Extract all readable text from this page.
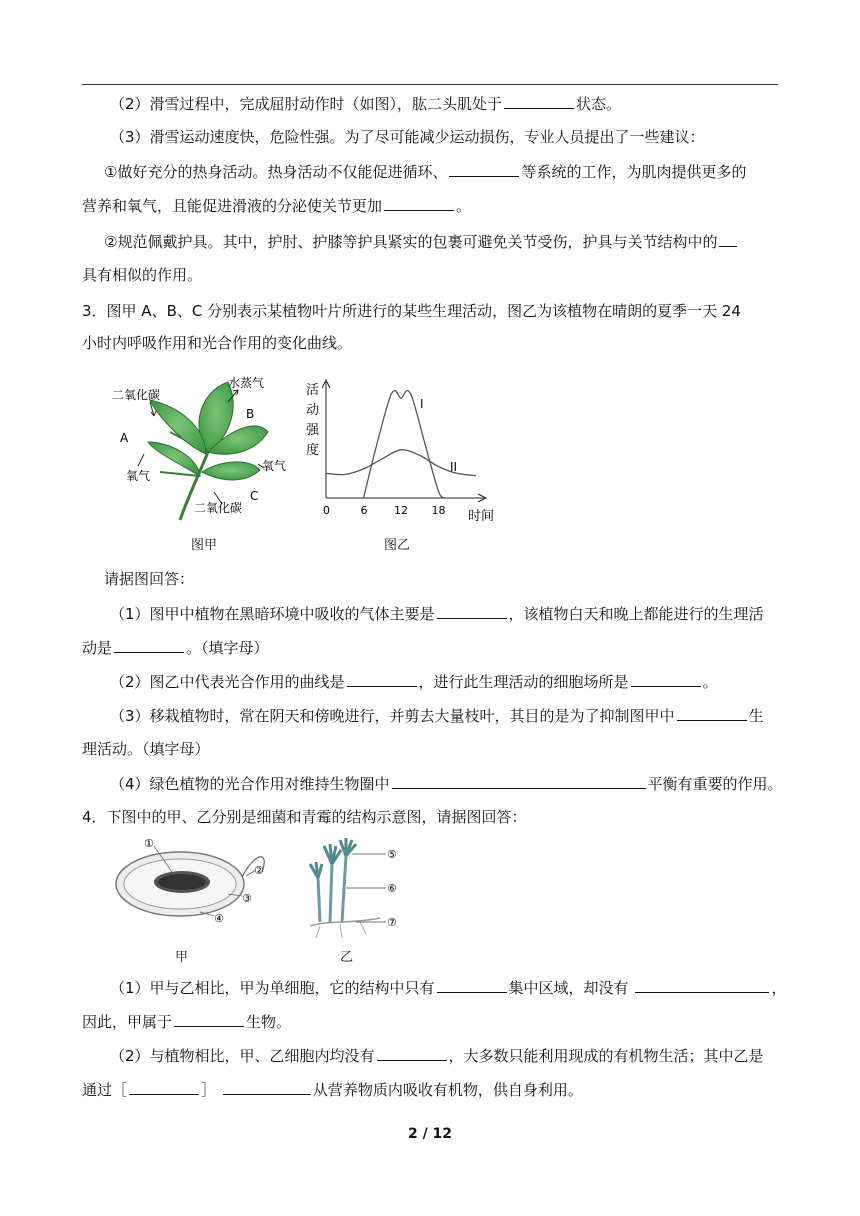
（2）滑雪过程中，完成屈肘动作时（如图），肱二头肌处于	状态。
（3）滑雪运动速度快，危险性强。为了尽可能减少运动损伤，专业人员提出了一些建议：
①做好充分的热身活动。热身活动不仅能促进循环、	等系统的工作，为肌肉提供更多的
营养和氧气，且能促进滑液的分泌使关节更加	。
②规范佩戴护具。其中，护肘、护膝等护具紧实的包裹可避免关节受伤，护具与关节结构中的
具有相似的作用。
3．图甲 A、B、C 分别表示某植物叶片所进行的某些生理活动，图乙为该植物在晴朗的夏季一天 24
小时内呼吸作用和光合作用的变化曲线。
二氧化碳
水蒸气
A
B
氧气
氧气
二氧化碳
C
图甲
活
动
强
度
0	6 12 18
I
II
时间
图乙
请据图回答：
（1）图甲中植物在黑暗环境中吸收的气体主要是	，该植物白天和晚上都能进行的生理活
动是	。（填字母）
（2）图乙中代表光合作用的曲线是	，进行此生理活动的细胞场所是	。
（3）移栽植物时，常在阴天和傍晚进行，并剪去大量枝叶，其目的是为了抑制图甲中	生
理活动。（填字母）
（4）绿色植物的光合作用对维持生物圈中	平衡有重要的作用。
4．下图中的甲、乙分别是细菌和青霉的结构示意图，请据图回答：
①
②
③
④
甲
⑤
⑥
⑦
乙
（1）甲与乙相比，甲为单细胞，它的结构中只有	集中区域，却没有	，
因此，甲属于	生物。
（2）与植物相比，甲、乙细胞内均没有	，大多数只能利用现成的有机物生活；其中乙是
通过［	］	从营养物质内吸收有机物，供自身利用。
2 / 12
